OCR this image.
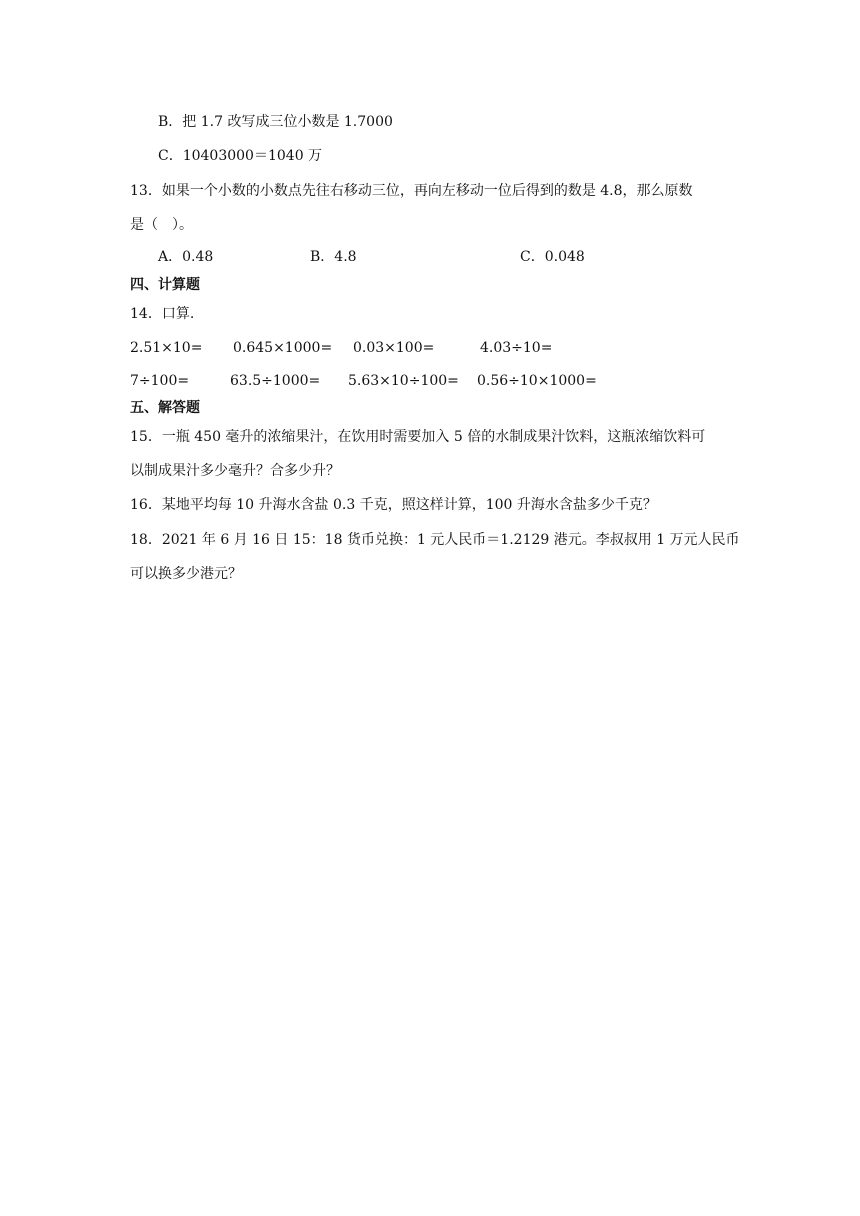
B．把 1.7 改写成三位小数是 1.7000
C．10403000＝1040 万
13．如果一个小数的小数点先往右移动三位，再向左移动一位后得到的数是 4.8，那么原数
是（　）。
A．0.48	B．4.8	C．0.048
四、计算题
14．口算.
2.51×10= 0.645×1000= 0.03×100=	4.03÷10=
7÷100=	63.5÷1000= 5.63×10÷100= 0.56÷10×1000=
五、解答题
15．一瓶 450 毫升的浓缩果汁，在饮用时需要加入 5 倍的水制成果汁饮料，这瓶浓缩饮料可
以制成果汁多少毫升？合多少升？
16．某地平均每 10 升海水含盐 0.3 千克，照这样计算，100 升海水含盐多少千克？
18．2021 年 6 月 16 日 15：18 货币兑换：1 元人民币＝1.2129 港元。李叔叔用 1 万元人民币
可以换多少港元？
